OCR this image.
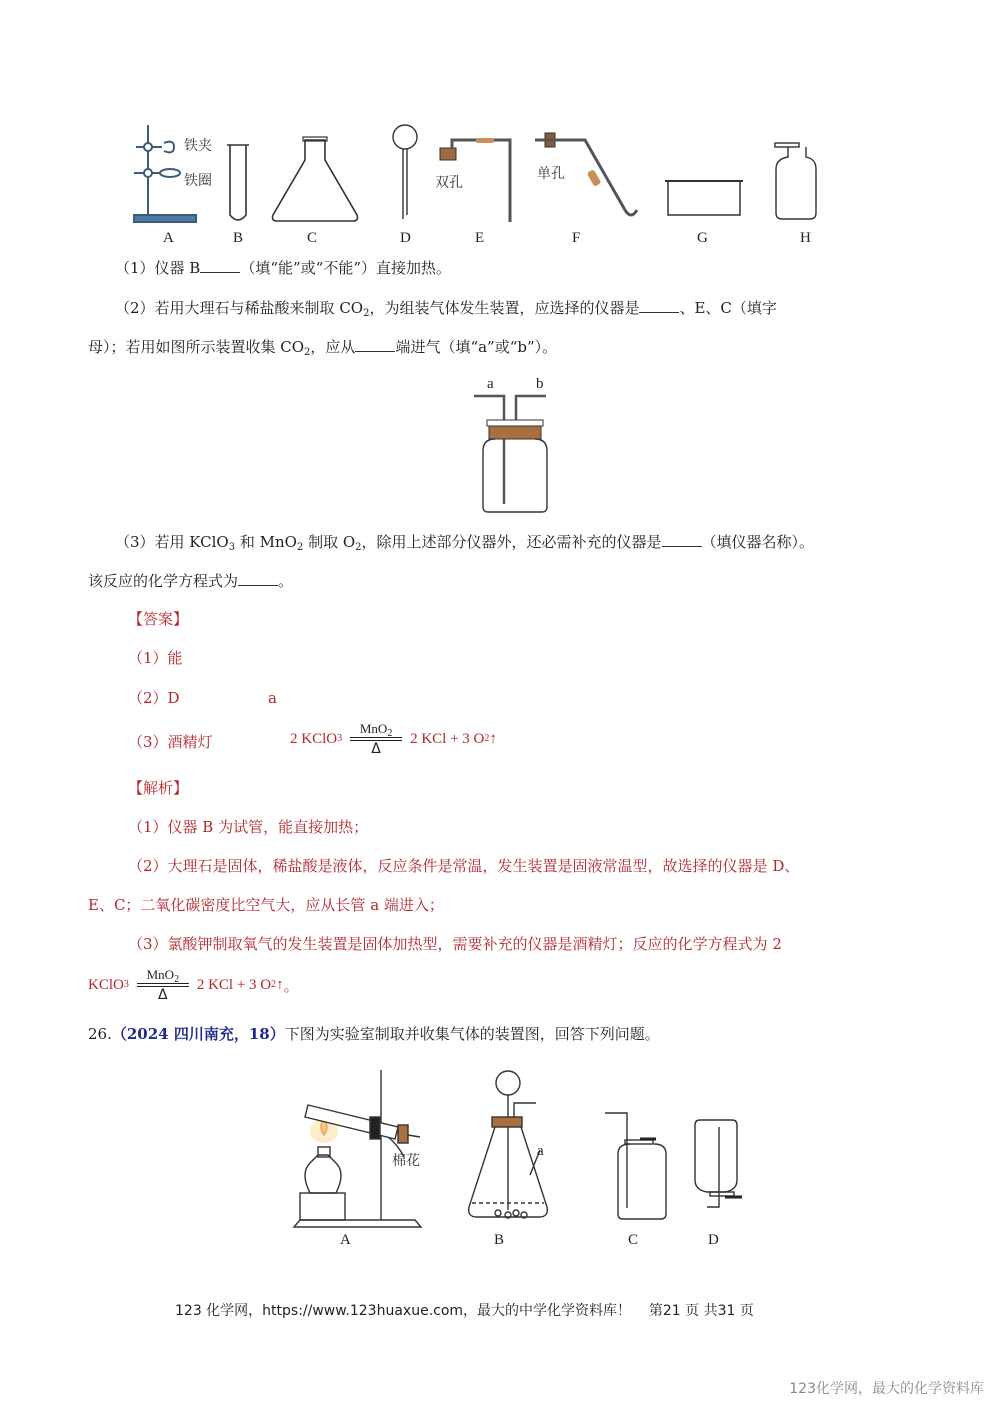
铁夹
铁圈	双孔
单孔
A	B	C	D	E	F	G	H
（1）仪器 B	（填“能”或“不能”）直接加热。
（2）若用大理石与稀盐酸来制取 $CO_2$，为组装气体发生装置，应选择的仪器是	、E、C（填字
母）；若用如图所示装置收集 $CO_2$，应从	端进气（填“a”或“b”）。
a	b
（3）若用 KClO$_3$ 和 MnO$_2$ 制取 $O_2$，除用上述部分仪器外，还必需补充的仪器是	（填仪器名称）。
该反应的化学方程式为	。
【答案】
（1）能
（2）D	a
（3）酒精灯	2 KClO $3 \frac{MnO_2}{\Delta} 2$ KCl + 3 O 2 ↑
【解析】
（1）仪器 B 为试管，能直接加热；
（2）大理石是固体，稀盐酸是液体，反应条件是常温，发生装置是固液常温型，故选择的仪器是 D、
E、C；二氧化碳密度比空气大，应从长管 a 端进入；
（3）氯酸钾制取氧气的发生装置是固体加热型，需要补充的仪器是酒精灯；反应的化学方程式为 2
KClO $3 \frac{MnO_2}{\Delta} 2$ KCl + 3 O 2 ↑ 。
26.（2024 四川南充，18）下图为实验室制取并收集气体的装置图，回答下列问题。
棉花
a
A	B	C	D
123 化学网，https://www.123huaxue.com，最大的中学化学资料库！ 第21 页 共31 页
123化学网，最大的化学资料库
